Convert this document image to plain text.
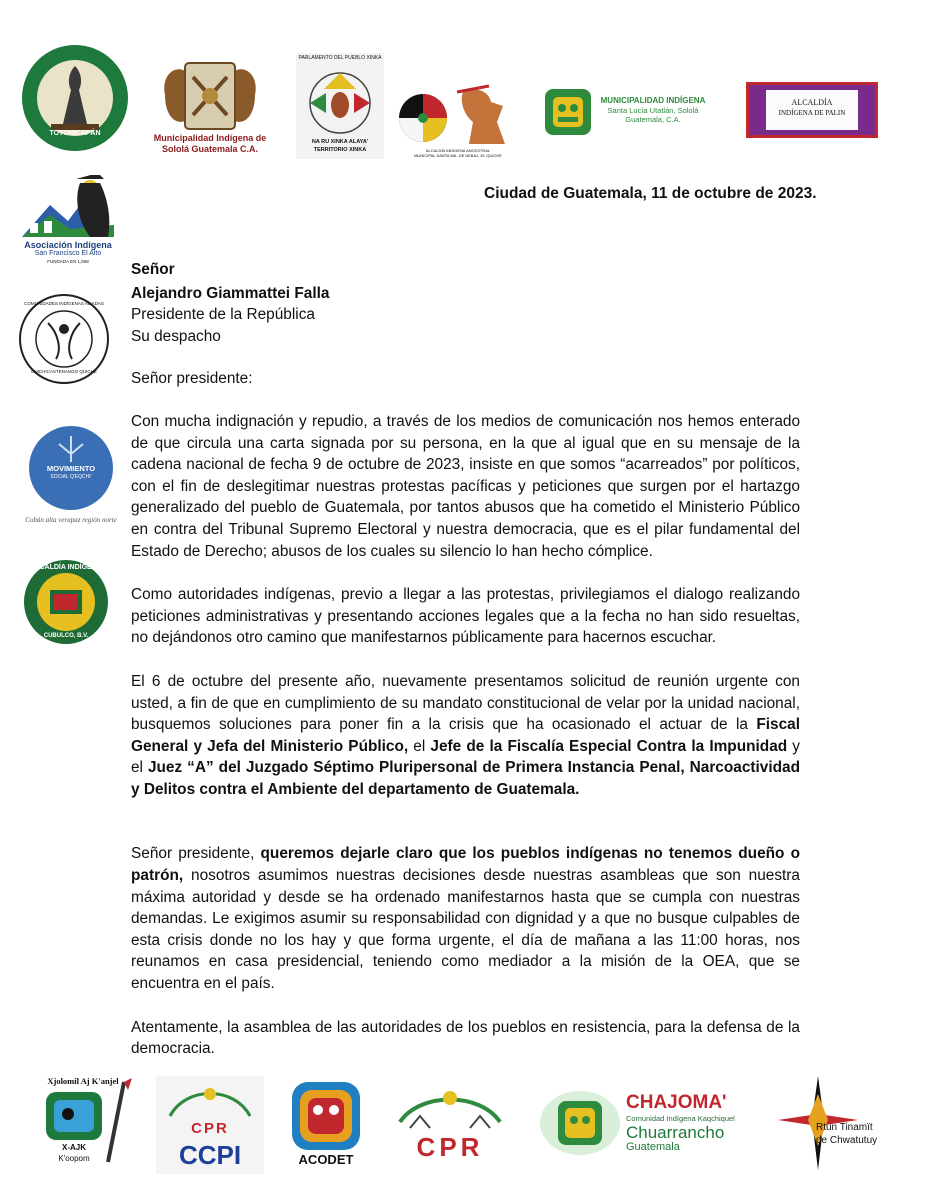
TOTONICAPÁN	Municipalidad Indígena de
Sololá Guatemala C.A.
PARLAMENTO DEL PUEBLO XINKA
NA RU XINKA ALAYA'
TERRITORIO XINKA	ALCALDÍA INDÍGENA ANCESTRAL
MUNICIPAL SANTA MA. DE NEBAJ, EL QUICHÉ
MUNICIPALIDAD INDÍGENA
Santa Lucía Utatlán, Sololá
Guatemala, C.A.
ALCALDÍA
INDÍGENA DE PALIN
Asociación Indígena
San Francisco El Alto
FUNDADA EN 1,668
COMUNIDADES INDÍGENAS ALIADAS
CHICHICASTENANGO QUICHÉ
MOVIMIENTO
SOCIAL Q'EQCHI'
Cobán alta verapaz región norte
ALCALDÍA INDÍGENA
CUBULCO, B.V.
Ciudad de Guatemala, 11 de octubre de 2023.

Señor

Alejandro Giammattei Falla

Presidente de la República

Su despacho

Señor presidente:

Con mucha indignación y repudio, a través de los medios de comunicación nos hemos enterado de que circula una carta signada por su persona, en la que al igual que en su mensaje de la cadena nacional de fecha 9 de octubre de 2023, insiste en que somos “acarreados” por políticos, con el fin de deslegitimar nuestras protestas pacíficas y peticiones que surgen por el hartazgo generalizado del pueblo de Guatemala, por tantos abusos que ha cometido el Ministerio Público en contra del Tribunal Supremo Electoral y nuestra democracia, que es el pilar fundamental del Estado de Derecho; abusos de los cuales su silencio lo han hecho cómplice.

Como autoridades indígenas, previo a llegar a las protestas, privilegiamos el dialogo realizando peticiones administrativas y presentando acciones legales que a la fecha no han sido resueltas, no dejándonos otro camino que manifestarnos públicamente para hacernos escuchar.

El 6 de octubre del presente año, nuevamente presentamos solicitud de reunión urgente con usted, a fin de que en cumplimiento de su mandato constitucional de velar por la unidad nacional, busquemos soluciones para poner fin a la crisis que ha ocasionado el actuar de la Fiscal General y Jefa del Ministerio Público, el Jefe de la Fiscalía Especial Contra la Impunidad y el Juez “A” del Juzgado Séptimo Pluripersonal de Primera Instancia Penal, Narcoactividad y Delitos contra el Ambiente del departamento de Guatemala.

Señor presidente, queremos dejarle claro que los pueblos indígenas no tenemos dueño o patrón, nosotros asumimos nuestras decisiones desde nuestras asambleas que son nuestra máxima autoridad y desde se ha ordenado manifestarnos hasta que se cumpla con nuestras demandas. Le exigimos asumir su responsabilidad con dignidad y a que no busque culpables de esta crisis donde no los hay y que forma urgente, el día de mañana a las 11:00 horas, nos reunamos en casa presidencial, teniendo como mediador a la misión de la OEA, que se encuentra en el país.

Atentamente, la asamblea de las autoridades de los pueblos en resistencia, para la defensa de la democracia.

Xjolomil Aj K'anjel
X-AJK
K'oopom
CPR
CCPI	ACODET	CPR
CHAJOMA'
Comunidad Indígena Kaqchiquel
Chuarrancho
Guatemala
Rtun Tinamït
de Chwatutuy
